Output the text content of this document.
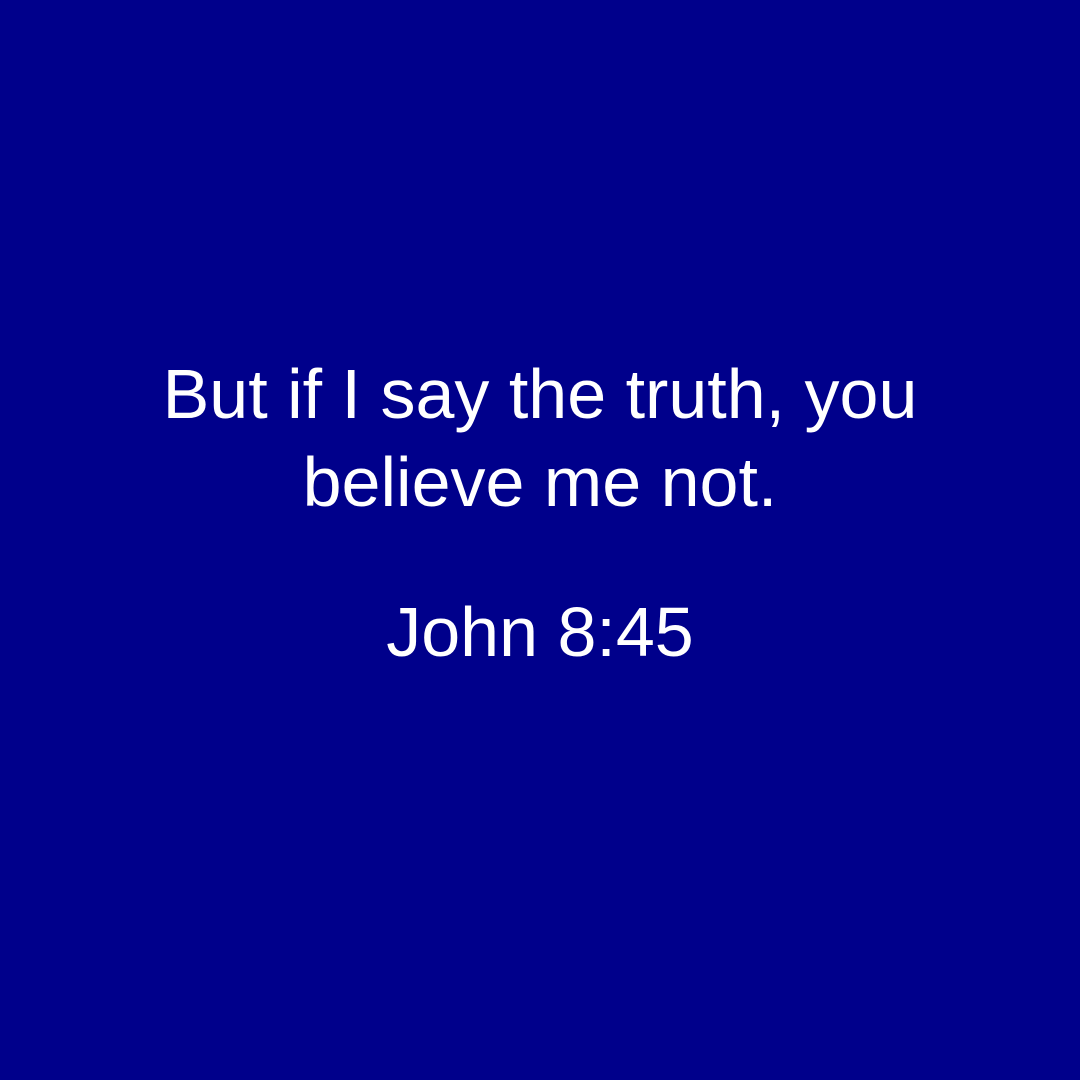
But if I say the truth, you
believe me not.

John 8:45
